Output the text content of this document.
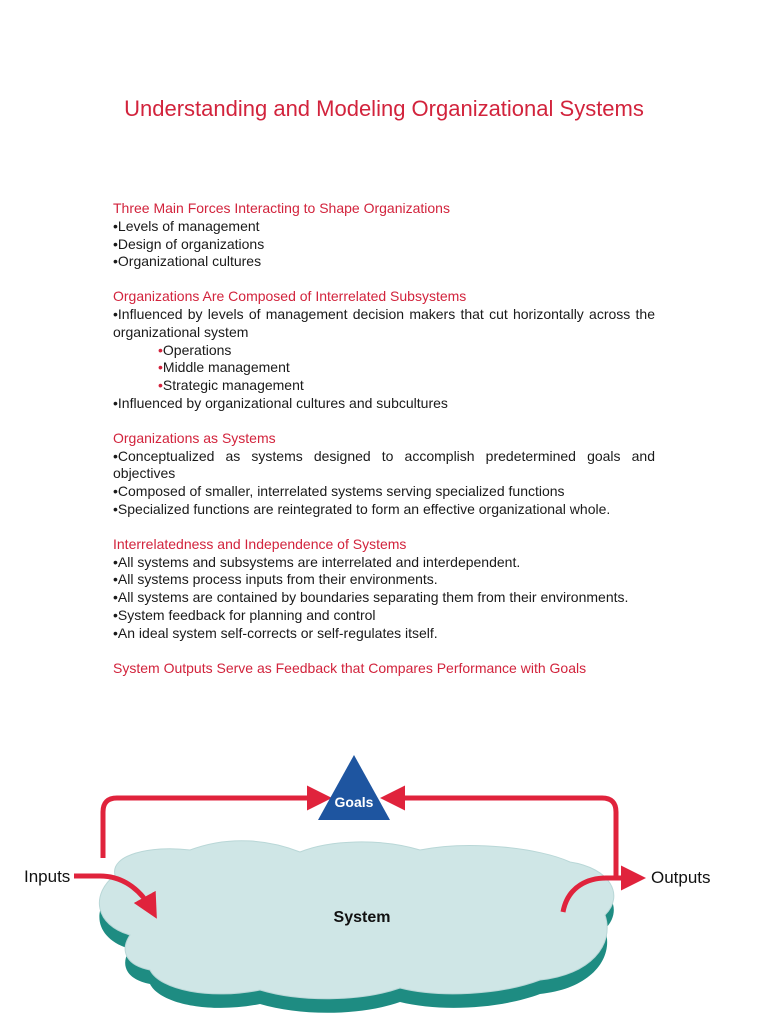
Understanding and Modeling Organizational Systems
Three Main Forces Interacting to Shape Organizations
•Levels of management
•Design of organizations
•Organizational cultures
Organizations Are Composed of Interrelated Subsystems
•Influenced by levels of management decision makers that cut horizontally across the organizational system
•Operations
•Middle management
•Strategic management
•Influenced by organizational cultures and subcultures
Organizations as Systems
•Conceptualized as systems designed to accomplish predetermined goals and objectives
•Composed of smaller, interrelated systems serving specialized functions
•Specialized functions are reintegrated to form an effective organizational whole.
Interrelatedness and Independence of Systems
•All systems and subsystems are interrelated and interdependent.
•All systems process inputs from their environments.
•All systems are contained by boundaries separating them from their environments.
•System feedback for planning and control
•An ideal system self-corrects or self-regulates itself.
System Outputs Serve as Feedback that Compares Performance with Goals
Goals
System
Inputs	Outputs
